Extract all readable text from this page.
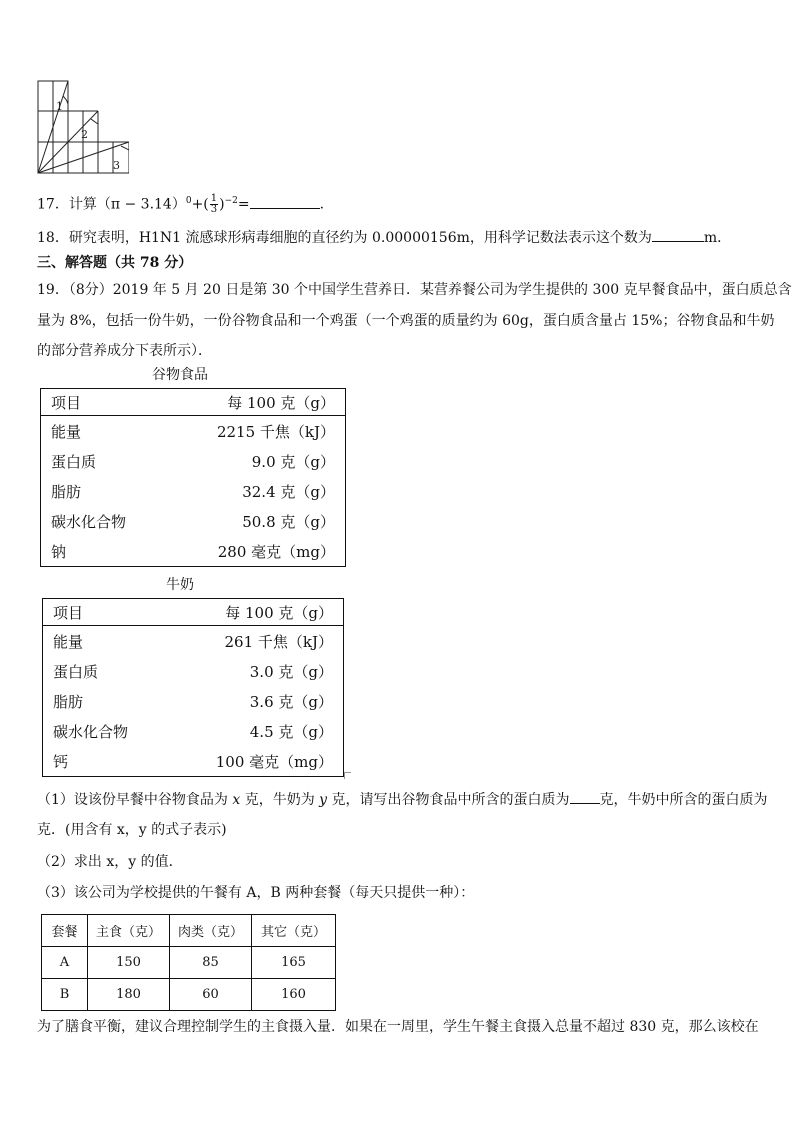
1
2
3
17．计算$(\pi - 3.14)^0+( \frac{1}{3} )^{-2}=$	.
18．研究表明，H1N1 流感球形病毒细胞的直径约为 0.00000156m，用科学记数法表示这个数为	m．
三、解答题（共 78 分）
19．（8分）2019 年 5 月 20 日是第 30 个中国学生营养日．某营养餐公司为学生提供的 300 克早餐食品中，蛋白质总含
量为 8%，包括一份牛奶，一份谷物食品和一个鸡蛋（一个鸡蛋的质量约为 60g，蛋白质含量占 15%；谷物食品和牛奶
的部分营养成分下表所示）．
谷物食品
项目	每 100 克（g）
能量	2215 千焦（kJ）
蛋白质	9.0 克（g）
脂肪	32.4 克（g）
碳水化合物	50.8 克（g）
钠	280 毫克（mg）
牛奶
项目	每 100 克（g）
能量	261 千焦（kJ）
蛋白质	3.0 克（g）
脂肪	3.6 克（g）
碳水化合物	4.5 克（g）
钙	100 毫克（mg）
（1）设该份早餐中谷物食品为 x 克，牛奶为 y 克，请写出谷物食品中所含的蛋白质为 克，牛奶中所含的蛋白质为
克．(用含有 x，y 的式子表示)
（2）求出 x，y 的值．
（3）该公司为学校提供的午餐有 A，B 两种套餐（每天只提供一种）：
套餐	主食（克）	肉类（克）	其它（克）
A	150	85	165
B	180	60	160
为了膳食平衡，建议合理控制学生的主食摄入量．如果在一周里，学生午餐主食摄入总量不超过 830 克，那么该校在
